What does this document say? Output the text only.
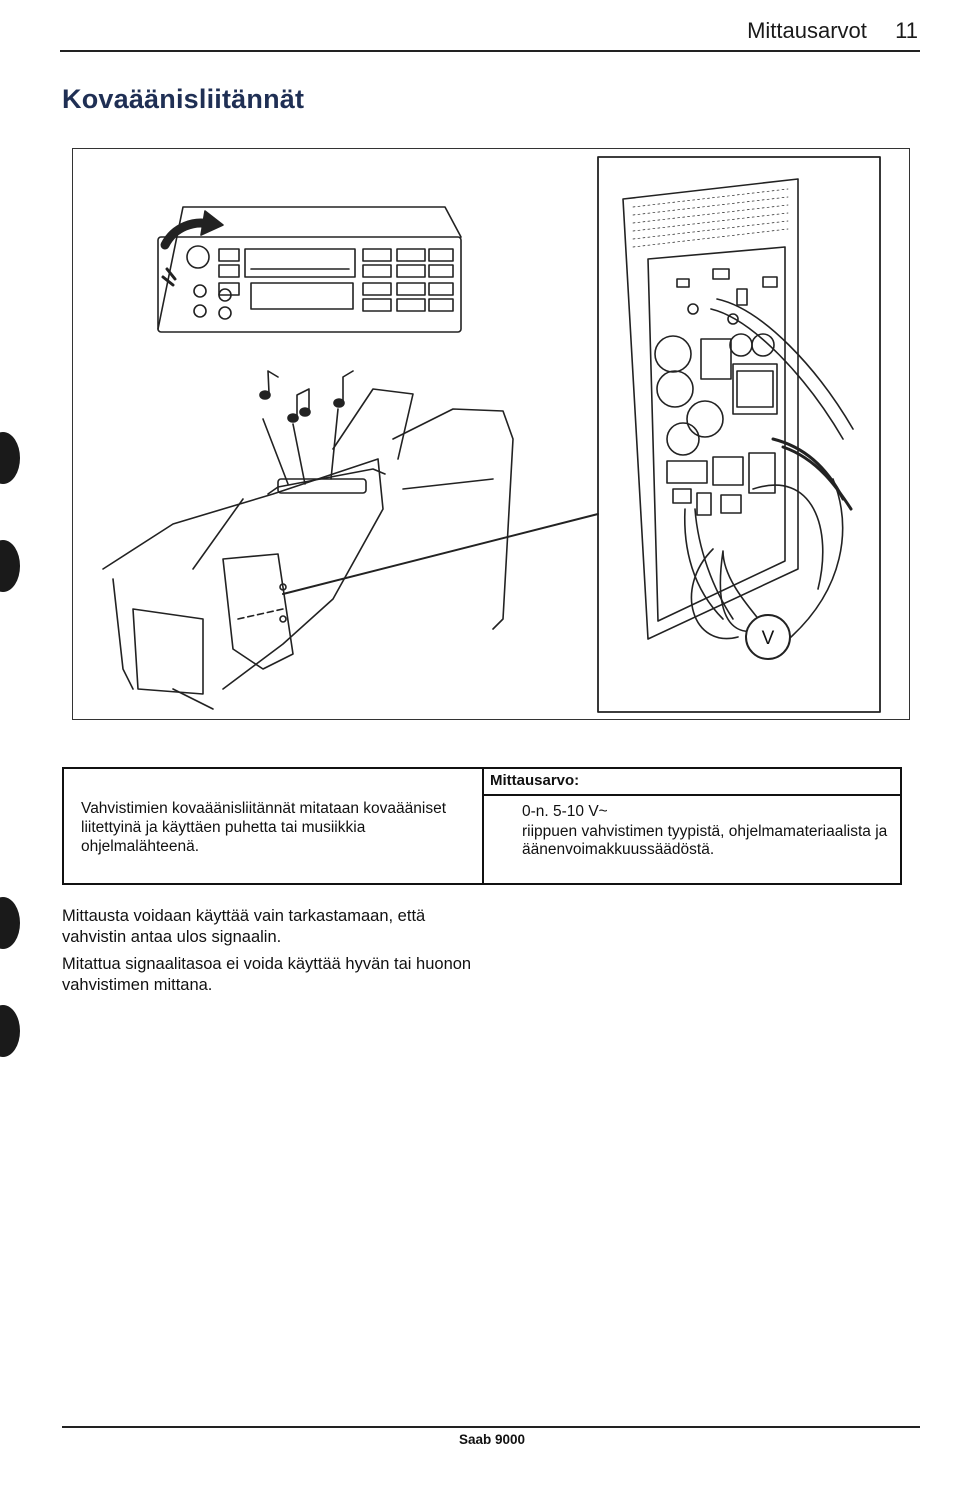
Mittausarvot 11
Kovaäänisliitännät
V
Vahvistimien kovaäänisliitännät mitataan kovaääniset liitettyinä ja käyttäen puhetta tai musiikkia ohjelmalähteenä.
Mittausarvo:
0-n. 5-10 V~
riippuen vahvistimen tyypistä, ohjelmamateriaalista ja äänenvoimakkuussäädöstä.

Mittausta voidaan käyttää vain tarkastamaan, että vahvistin antaa ulos signaalin.

Mitattua signaalitasoa ei voida käyttää hyvän tai huonon vahvistimen mittana.

Saab 9000
